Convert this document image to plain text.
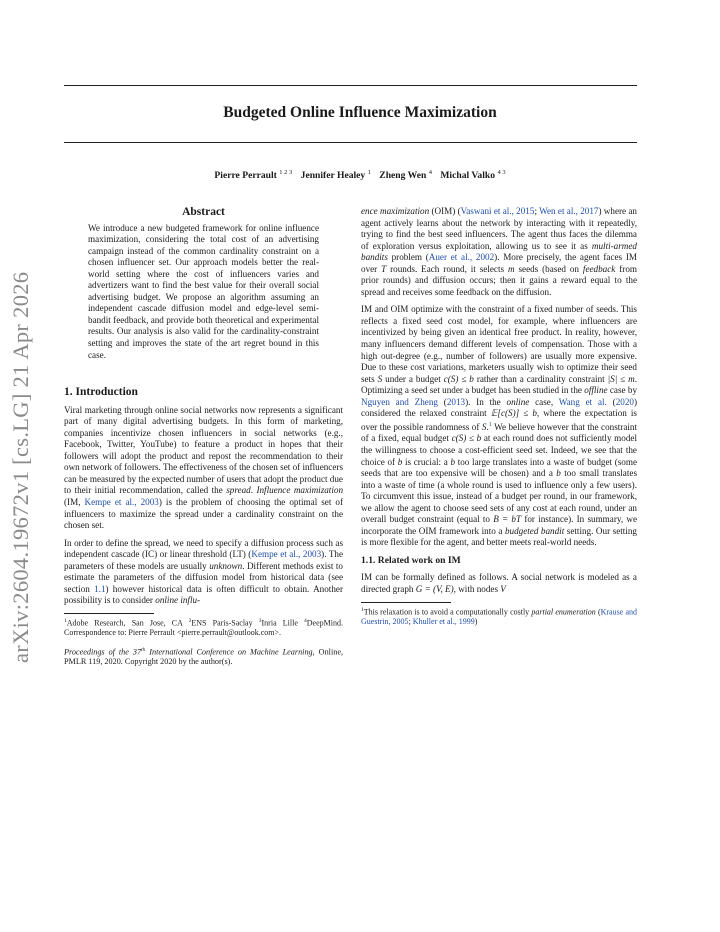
Budgeted Online Influence Maximization
Pierre Perrault $^{1 2 3}$ Jennifer Healey $^1$ Zheng Wen $^4$ Michal Valko $^{4 3}$
arXiv:2604.19672v1 [cs.LG] 21 Apr 2026
Abstract
We introduce a new budgeted framework for online influence maximization, considering the total cost of an advertising campaign instead of the common cardinality constraint on a chosen influencer set. Our approach models better the real-world setting where the cost of influencers varies and advertizers want to find the best value for their overall social advertising budget. We propose an algorithm assuming an independent cascade diffusion model and edge-level semi-bandit feedback, and provide both theoretical and experimental results. Our analysis is also valid for the cardinality-constraint setting and improves the state of the art regret bound in this case.
1. Introduction

Viral marketing through online social networks now represents a significant part of many digital advertising budgets. In this form of marketing, companies incentivize chosen influencers in social networks (e.g., Facebook, Twitter, YouTube) to feature a product in hopes that their followers will adopt the product and repost the recommendation to their own network of followers. The effectiveness of the chosen set of influencers can be measured by the expected number of users that adopt the product due to their initial recommendation, called the spread. Influence maximization (IM, Kempe et al., 2003) is the problem of choosing the optimal set of influencers to maximize the spread under a cardinality constraint on the chosen set.

In order to define the spread, we need to specify a diffusion process such as independent cascade (IC) or linear threshold (LT) (Kempe et al., 2003). The parameters of these models are usually unknown. Different methods exist to estimate the parameters of the diffusion model from historical data (see section 1.1) however historical data is often difficult to obtain. Another possibility is to consider online influ-

$^1$Adobe Research, San Jose, CA $^2$ENS Paris-Saclay $^3$Inria Lille $^4$DeepMind. Correspondence to: Pierre Perrault <pierre.perrault@outlook.com>.
Proceedings of the 37th International Conference on Machine Learning, Online, PMLR 119, 2020. Copyright 2020 by the author(s).

ence maximization (OIM) (Vaswani et al., 2015; Wen et al., 2017) where an agent actively learns about the network by interacting with it repeatedly, trying to find the best seed influencers. The agent thus faces the dilemma of exploration versus exploitation, allowing us to see it as multi-armed bandits problem (Auer et al., 2002). More precisely, the agent faces IM over T rounds. Each round, it selects m seeds (based on feedback from prior rounds) and diffusion occurs; then it gains a reward equal to the spread and receives some feedback on the diffusion.

IM and OIM optimize with the constraint of a fixed number of seeds. This reflects a fixed seed cost model, for example, where influencers are incentivized by being given an identical free product. In reality, however, many influencers demand different levels of compensation. Those with a high out-degree (e.g., number of followers) are usually more expensive. Due to these cost variations, marketers usually wish to optimize their seed sets S under a budget c(S) ≤ b rather than a cardinality constraint |S| ≤ m. Optimizing a seed set under a budget has been studied in the offline case by Nguyen and Zheng (2013). In the online case, Wang et al. (2020) considered the relaxed constraint 𝔼[c(S)] ≤ b, where the expectation is over the possible randomness of S.$^1$ We believe however that the constraint of a fixed, equal budget c(S) ≤ b at each round does not sufficiently model the willingness to choose a cost-efficient seed set. Indeed, we see that the choice of b is crucial: a b too large translates into a waste of budget (some seeds that are too expensive will be chosen) and a b too small translates into a waste of time (a whole round is used to influence only a few users). To circumvent this issue, instead of a budget per round, in our framework, we allow the agent to choose seed sets of any cost at each round, under an overall budget constraint (equal to B = bT for instance). In summary, we incorporate the OIM framework into a budgeted bandit setting. Our setting is more flexible for the agent, and better meets real-world needs.

1.1. Related work on IM

IM can be formally defined as follows. A social network is modeled as a directed graph G = (V, E), with nodes V

$^1$This relaxation is to avoid a computationally costly partial enumeration (Krause and Guestrin, 2005; Khuller et al., 1999)
